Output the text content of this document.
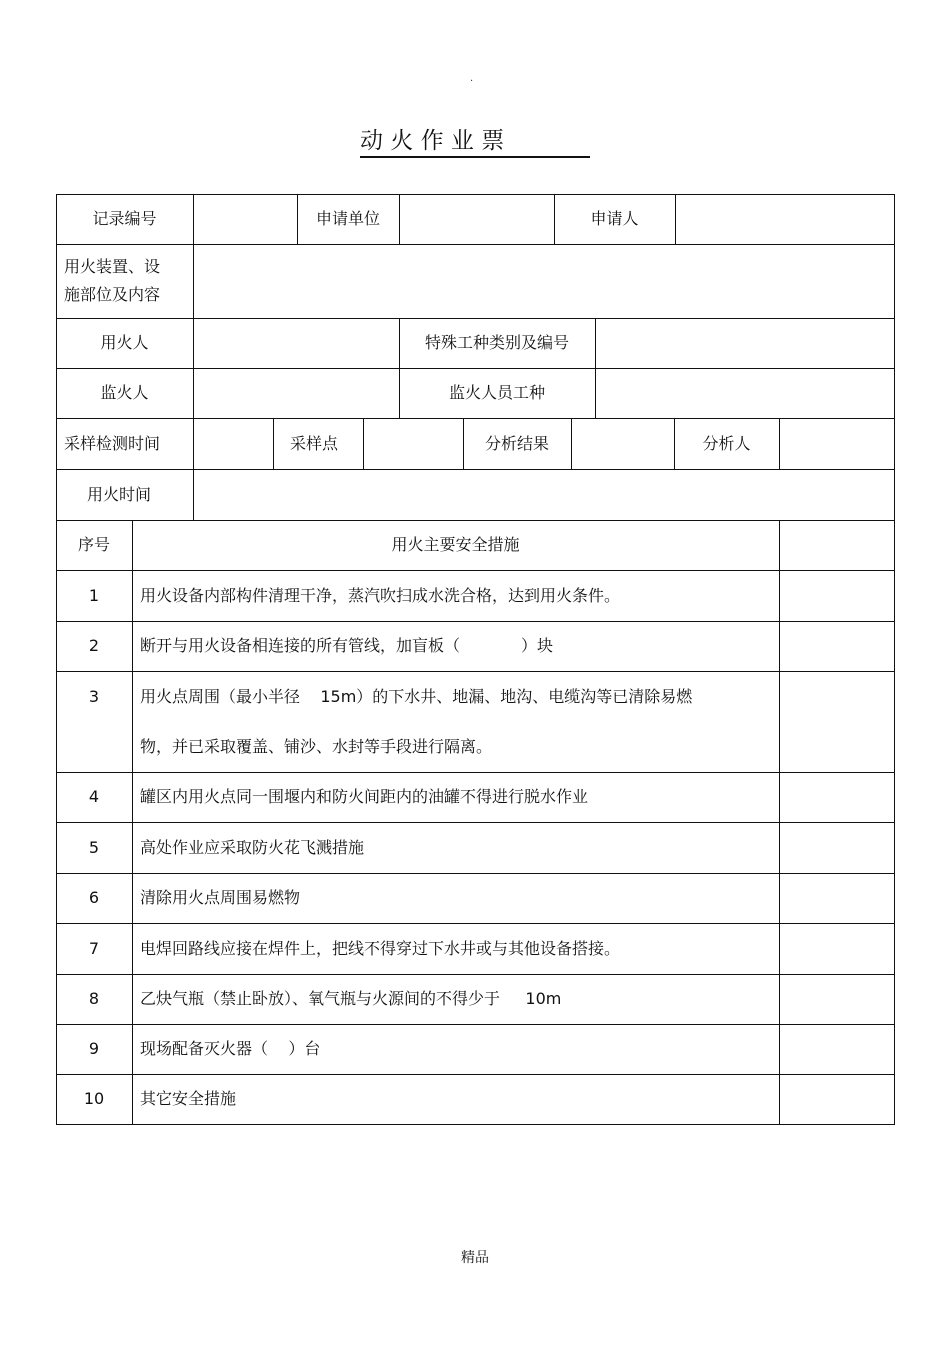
·
动 火 作 业 票
记录编号	申请单位	申请人
用火装置、设
施部位及内容
用火人	特殊工种类别及编号
监火人	监火人员工种
采样检测时间	采样点	分析结果	分析人
用火时间
序号	用火主要安全措施
1	用火设备内部构件清理干净，蒸汽吹扫成水洗合格，达到用火条件。
2	断开与用火设备相连接的所有管线，加盲板（            ）块
3	用火点周围（最小半径    15m）的下水井、地漏、地沟、电缆沟等已清除易燃
物，并已采取覆盖、铺沙、水封等手段进行隔离。
4	罐区内用火点同一围堰内和防火间距内的油罐不得进行脱水作业
5	高处作业应采取防火花飞溅措施
6	清除用火点周围易燃物
7	电焊回路线应接在焊件上，把线不得穿过下水井或与其他设备搭接。
8	乙炔气瓶（禁止卧放）、氧气瓶与火源间的不得少于     10m
9	现场配备灭火器（    ）台
10	其它安全措施
精品
